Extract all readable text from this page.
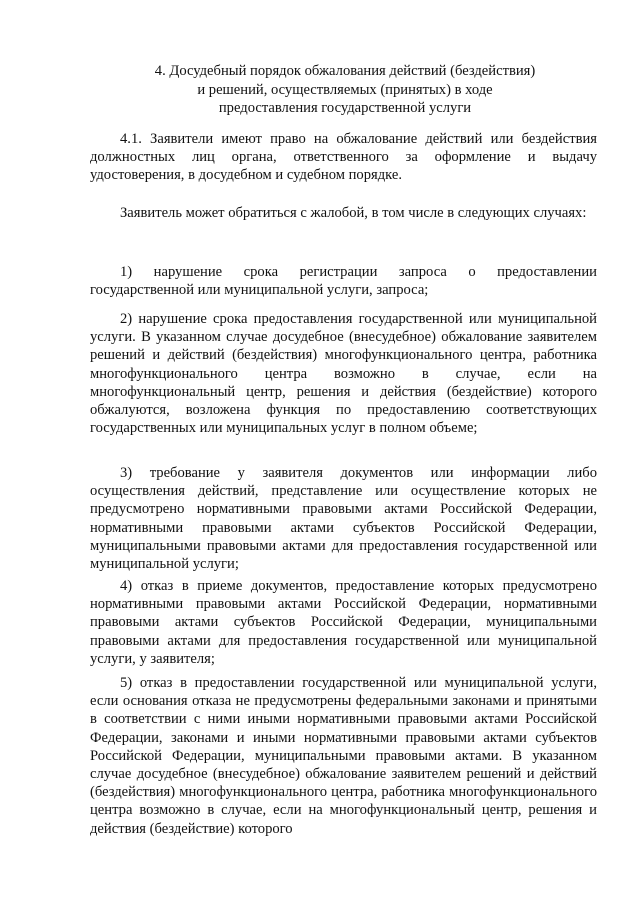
4. Досудебный порядок обжалования действий (бездействия)
и решений, осуществляемых (принятых) в ходе
предоставления государственной услуги

4.1. Заявители имеют право на обжалование действий или бездействия должностных лиц органа, ответственного за оформление и выдачу удостоверения, в досудебном и судебном порядке.

Заявитель может обратиться с жалобой, в том числе в следующих случаях:

1) нарушение срока регистрации запроса о предоставлении государственной или муниципальной услуги, запроса;

2) нарушение срока предоставления государственной или муниципальной услуги. В указанном случае досудебное (внесудебное) обжалование заявителем решений и действий (бездействия) многофункционального центра, работника многофункционального центра возможно в случае, если на многофункциональный центр, решения и действия (бездействие) которого обжалуются, возложена функция по предоставлению соответствующих государственных или муниципальных услуг в полном объеме;

3) требование у заявителя документов или информации либо осуществления действий, представление или осуществление которых не предусмотрено нормативными правовыми актами Российской Федерации, нормативными правовыми актами субъектов Российской Федерации, муниципальными правовыми актами для предоставления государственной или муниципальной услуги;

4) отказ в приеме документов, предоставление которых предусмотрено нормативными правовыми актами Российской Федерации, нормативными правовыми актами субъектов Российской Федерации, муниципальными правовыми актами для предоставления государственной или муниципальной услуги, у заявителя;

5) отказ в предоставлении государственной или муниципальной услуги, если основания отказа не предусмотрены федеральными законами и принятыми в соответствии с ними иными нормативными правовыми актами Российской Федерации, законами и иными нормативными правовыми актами субъектов Российской Федерации, муниципальными правовыми актами. В указанном случае досудебное (внесудебное) обжалование заявителем решений и действий (бездействия) многофункционального центра, работника многофункционального центра возможно в случае, если на многофункциональный центр, решения и действия (бездействие) которого
